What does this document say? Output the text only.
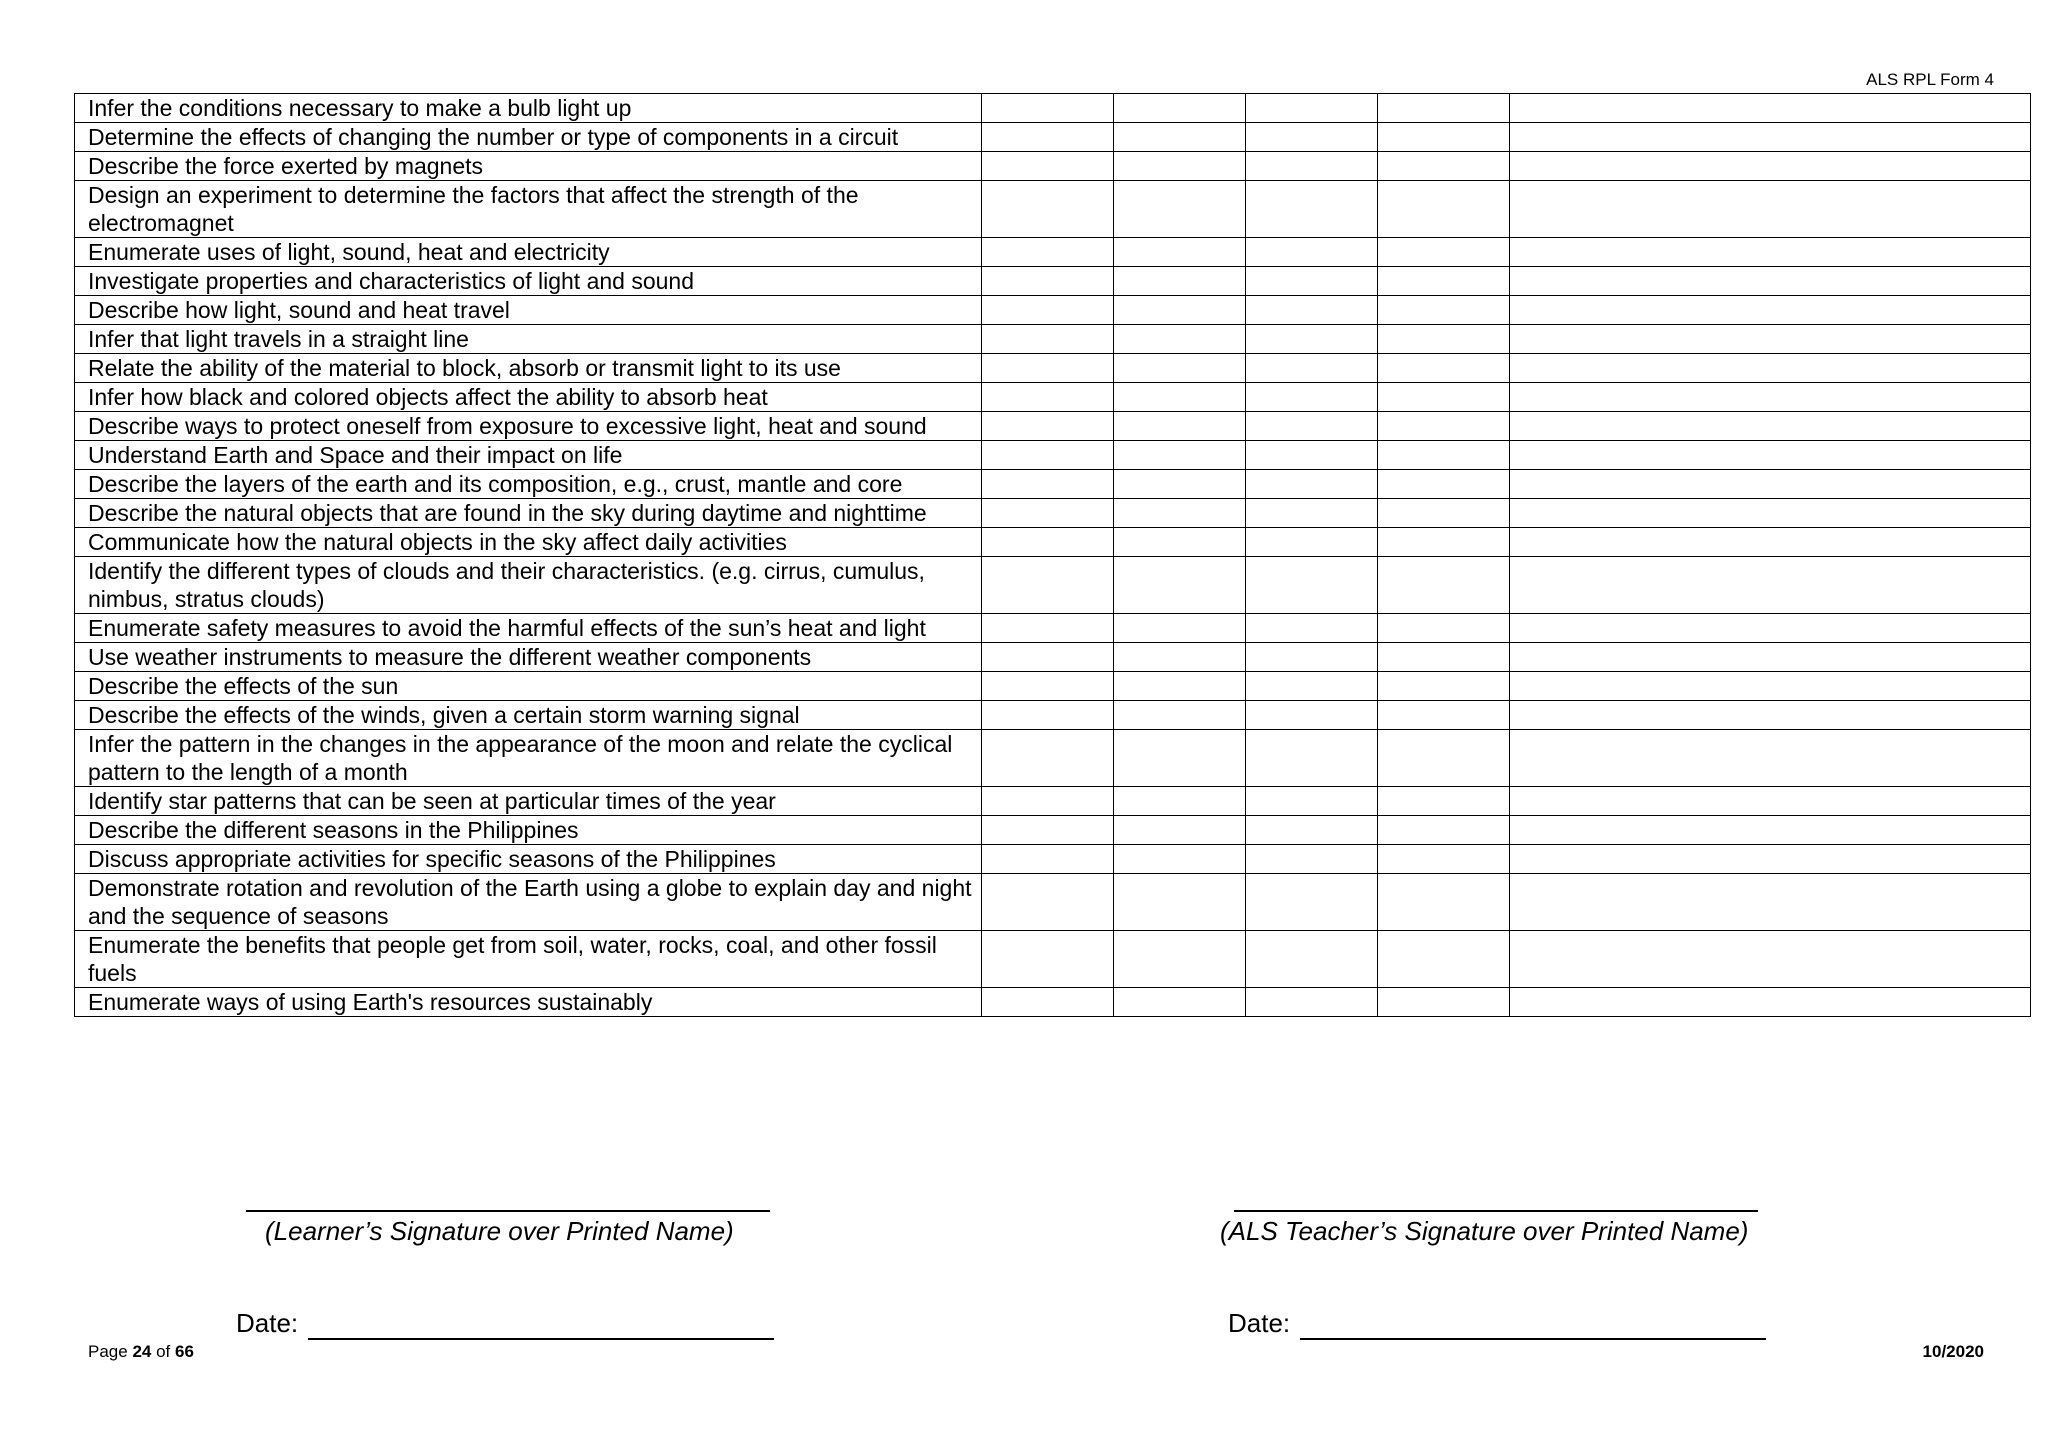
ALS RPL Form 4
Infer the conditions necessary to make a bulb light up					
Determine the effects of changing the number or type of components in a circuit					
Describe the force exerted by magnets					
Design an experiment to determine the factors that affect the strength of the electromagnet					
Enumerate uses of light, sound, heat and electricity					
Investigate properties and characteristics of light and sound					
Describe how light, sound and heat travel					
Infer that light travels in a straight line					
Relate the ability of the material to block, absorb or transmit light to its use					
Infer how black and colored objects affect the ability to absorb heat					
Describe ways to protect oneself from exposure to excessive light, heat and sound					
Understand Earth and Space and their impact on life					
Describe the layers of the earth and its composition, e.g., crust, mantle and core					
Describe the natural objects that are found in the sky during daytime and nighttime					
Communicate how the natural objects in the sky affect daily activities					
Identify the different types of clouds and their characteristics. (e.g. cirrus, cumulus, nimbus, stratus clouds)					
Enumerate safety measures to avoid the harmful effects of the sun’s heat and light					
Use weather instruments to measure the different weather components					
Describe the effects of the sun					
Describe the effects of the winds, given a certain storm warning signal					
Infer the pattern in the changes in the appearance of the moon and relate the cyclical pattern to the length of a month					
Identify star patterns that can be seen at particular times of the year					
Describe the different seasons in the Philippines					
Discuss appropriate activities for specific seasons of the Philippines					
Demonstrate rotation and revolution of the Earth using a globe to explain day and night and the sequence of seasons					
Enumerate the benefits that people get from soil, water, rocks, coal, and other fossil fuels					
Enumerate ways of using Earth's resources sustainably					
(Learner’s Signature over Printed Name)	(ALS Teacher’s Signature over Printed Name)
Date:	Date:
Page 24 of 66	10/2020
